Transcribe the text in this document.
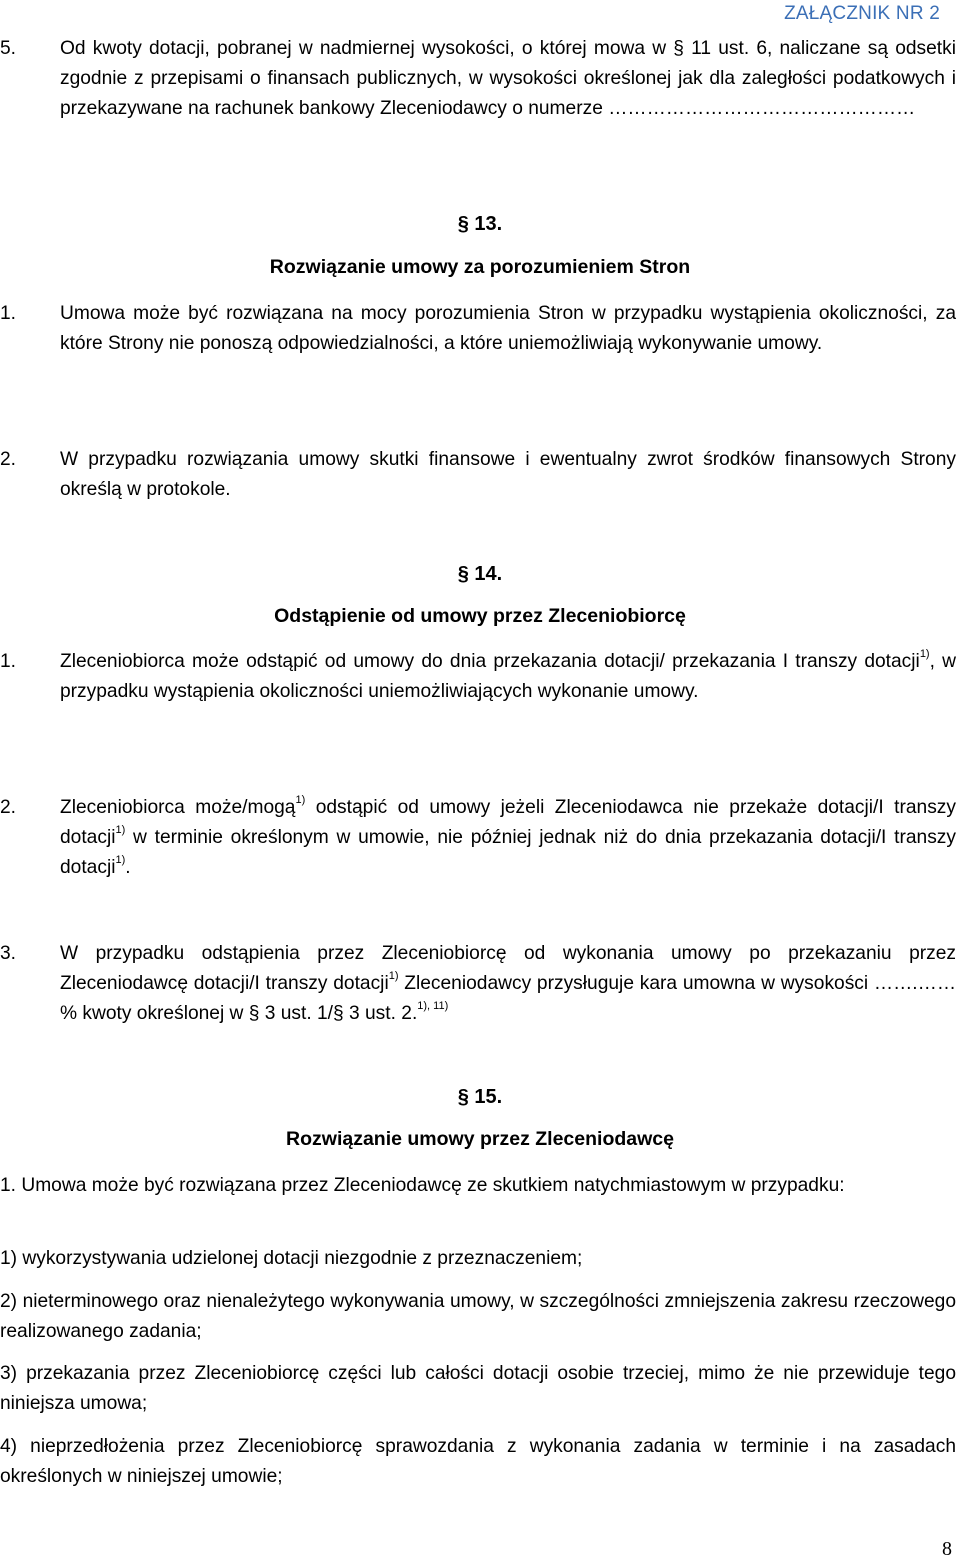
ZAŁĄCZNIK NR 2
5. Od kwoty dotacji, pobranej w nadmiernej wysokości, o której mowa w § 11 ust. 6, naliczane są odsetki zgodnie z przepisami o finansach publicznych, w wysokości określonej jak dla zaległości podatkowych i przekazywane na rachunek bankowy Zleceniodawcy o numerze …………………………………………
§ 13.
Rozwiązanie umowy za porozumieniem Stron
1. Umowa może być rozwiązana na mocy porozumienia Stron w przypadku wystąpienia okoliczności, za które Strony nie ponoszą odpowiedzialności, a które uniemożliwiają wykonywanie umowy.
2. W przypadku rozwiązania umowy skutki finansowe i ewentualny zwrot środków finansowych Strony określą w protokole.
§ 14.
Odstąpienie od umowy przez Zleceniobiorcę
1. Zleceniobiorca może odstąpić od umowy do dnia przekazania dotacji/ przekazania I transzy dotacji$^{1)}$, w przypadku wystąpienia okoliczności uniemożliwiających wykonanie umowy.
2. Zleceniobiorca może/mogą$^{1)}$ odstąpić od umowy jeżeli Zleceniodawca nie przekaże dotacji/I transzy dotacji$^{1)}$ w terminie określonym w umowie, nie później jednak niż do dnia przekazania dotacji/I transzy dotacji$^{1)}$.
3. W przypadku odstąpienia przez Zleceniobiorcę od wykonania umowy po przekazaniu przez Zleceniodawcę dotacji/I transzy dotacji$^{1)}$ Zleceniodawcy przysługuje kara umowna w wysokości …….……% kwoty określonej w § 3 ust. 1/§ 3 ust. 2.$^{1), 11)}$
§ 15.
Rozwiązanie umowy przez Zleceniodawcę
1. Umowa może być rozwiązana przez Zleceniodawcę ze skutkiem natychmiastowym w przypadku:
1) wykorzystywania udzielonej dotacji niezgodnie z przeznaczeniem;
2) nieterminowego oraz nienależytego wykonywania umowy, w szczególności zmniejszenia zakresu rzeczowego realizowanego zadania;
3) przekazania przez Zleceniobiorcę części lub całości dotacji osobie trzeciej, mimo że nie przewiduje tego niniejsza umowa;
4) nieprzedłożenia przez Zleceniobiorcę sprawozdania z wykonania zadania w terminie i na zasadach określonych w niniejszej umowie;
8
